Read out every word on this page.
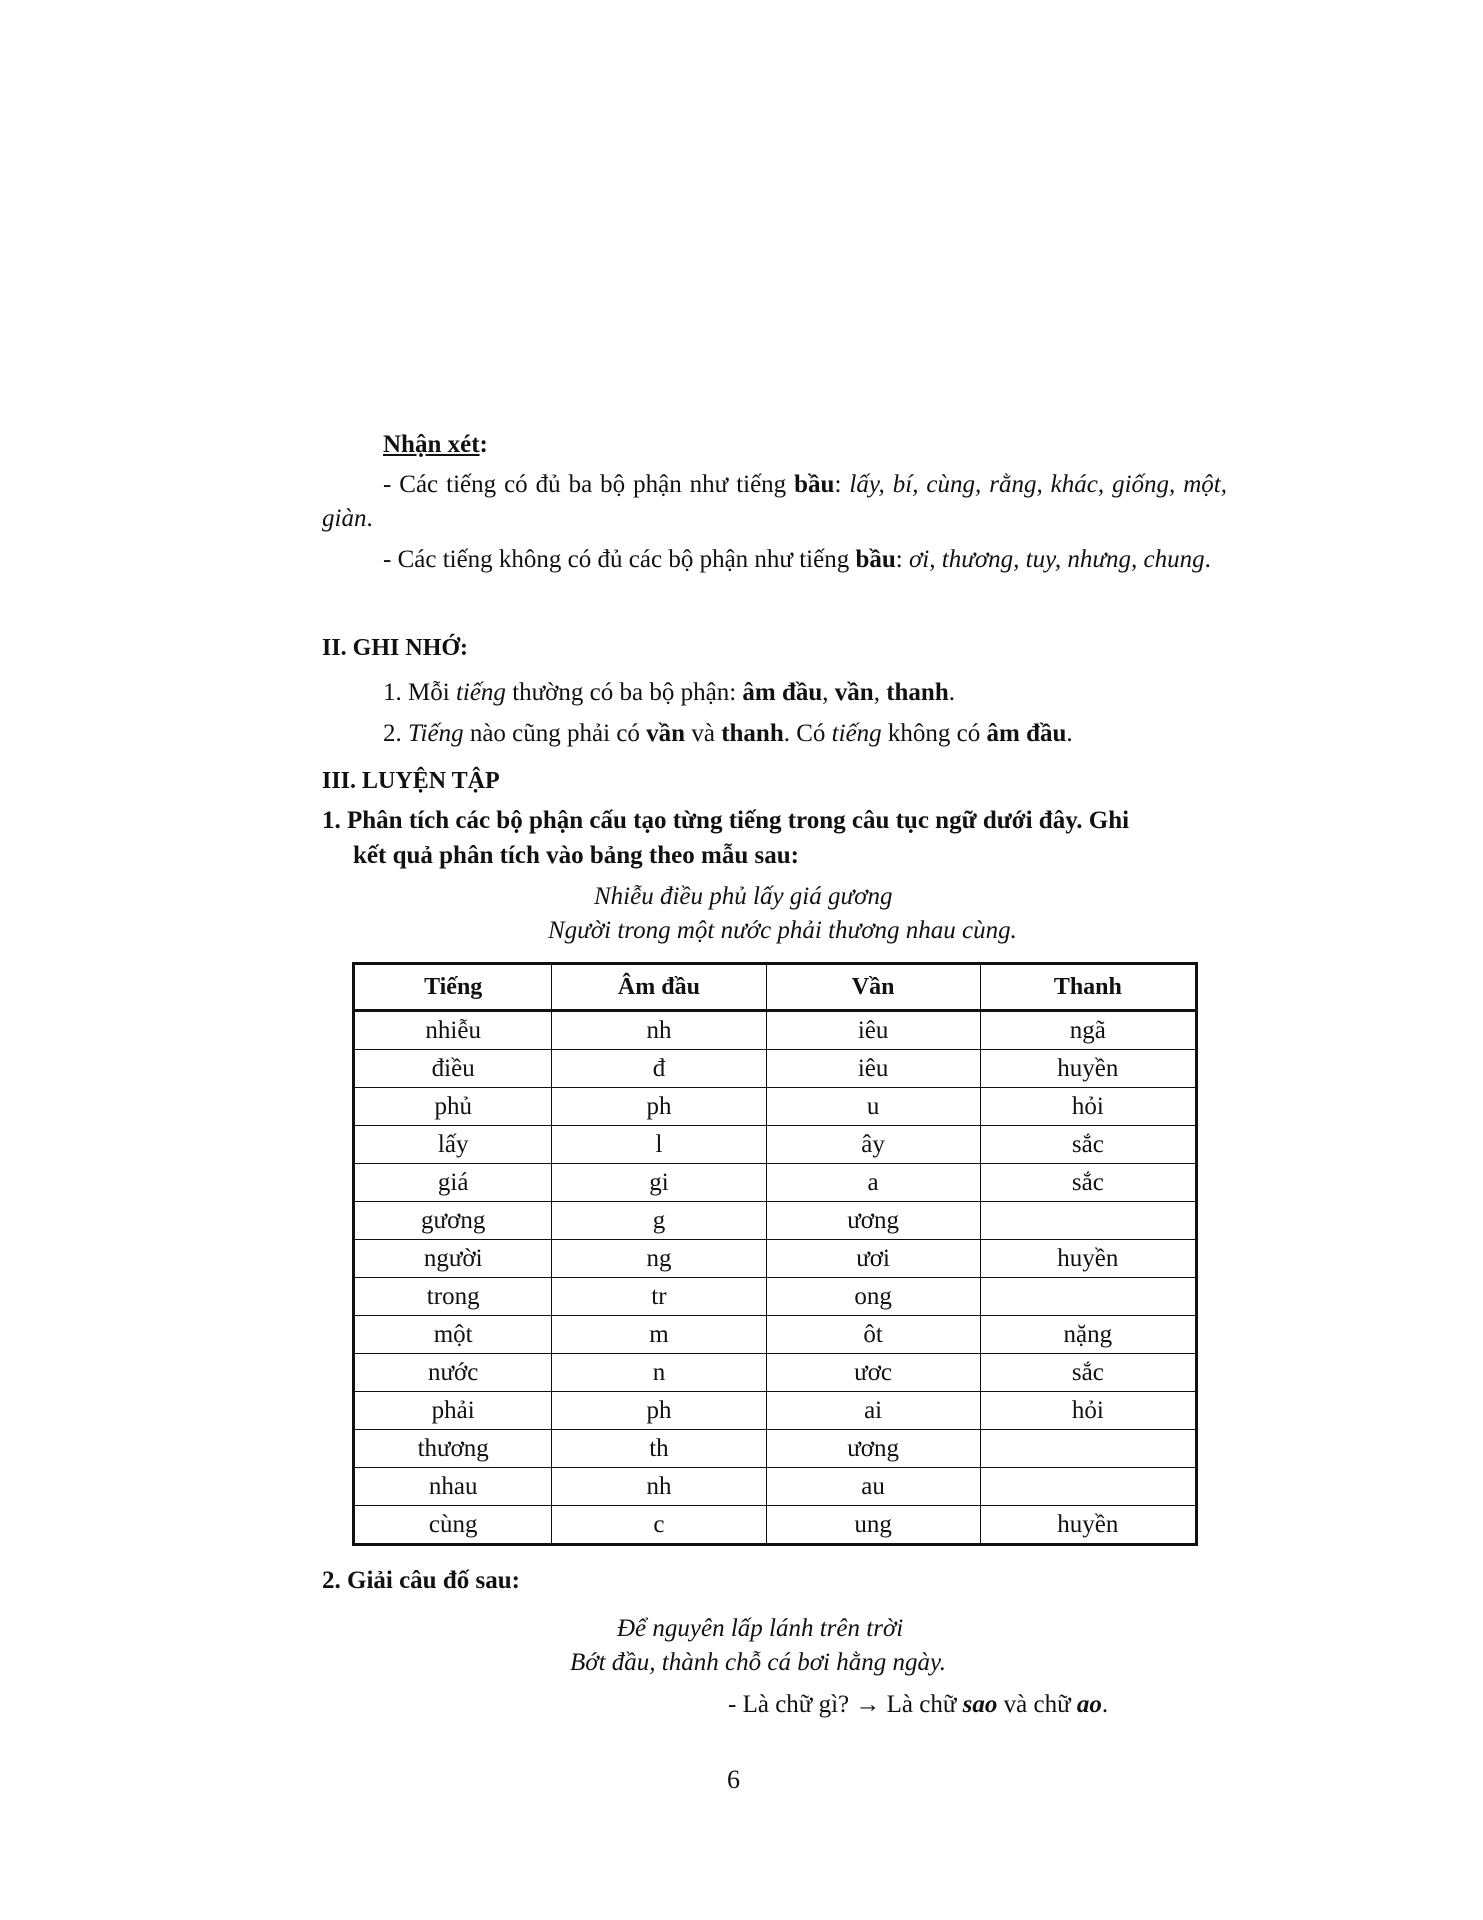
Nhận xét:
- Các tiếng có đủ ba bộ phận như tiếng bầu: lấy, bí, cùng, rằng, khác, giống, một, giàn.
- Các tiếng không có đủ các bộ phận như tiếng bầu: ơi, thương, tuy, nhưng, chung.
II. GHI NHỚ:
1. Mỗi tiếng thường có ba bộ phận: âm đầu, vần, thanh.
2. Tiếng nào cũng phải có vần và thanh. Có tiếng không có âm đầu.
III. LUYỆN TẬP
1. Phân tích các bộ phận cấu tạo từng tiếng trong câu tục ngữ dưới đây. Ghi
kết quả phân tích vào bảng theo mẫu sau:
Nhiễu điều phủ lấy giá gương
Người trong một nước phải thương nhau cùng.
Tiếng	Âm đầu	Vần	Thanh
nhiễu	nh	iêu	ngã
điều	đ	iêu	huyền
phủ	ph	u	hỏi
lấy	l	ây	sắc
giá	gi	a	sắc
gương	g	ương	
người	ng	ươi	huyền
trong	tr	ong	
một	m	ôt	nặng
nước	n	ươc	sắc
phải	ph	ai	hỏi
thương	th	ương	
nhau	nh	au	
cùng	c	ung	huyền
2. Giải câu đố sau:
Để nguyên lấp lánh trên trời
Bớt đầu, thành chỗ cá bơi hằng ngày.
- Là chữ gì? → Là chữ sao và chữ ao.
6
